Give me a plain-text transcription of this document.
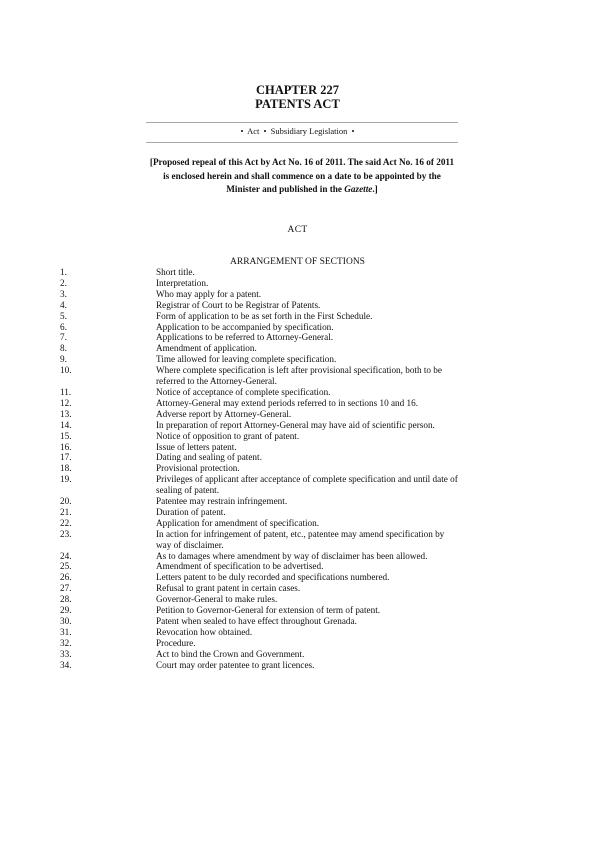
CHAPTER 227
PATENTS ACT
• Act • Subsidiary Legislation •
[Proposed repeal of this Act by Act No. 16 of 2011. The said Act No. 16 of 2011 is enclosed herein and shall commence on a date to be appointed by the Minister and published in the Gazette.]
ACT
ARRANGEMENT OF SECTIONS
1.	Short title.
2.	Interpretation.
3.	Who may apply for a patent.
4.	Registrar of Court to be Registrar of Patents.
5.	Form of application to be as set forth in the First Schedule.
6.	Application to be accompanied by specification.
7.	Applications to be referred to Attorney-General.
8.	Amendment of application.
9.	Time allowed for leaving complete specification.
10.	Where complete specification is left after provisional specification, both to be referred to the Attorney-General.
11.	Notice of acceptance of complete specification.
12.	Attorney-General may extend periods referred to in sections 10 and 16.
13.	Adverse report by Attorney-General.
14.	In preparation of report Attorney-General may have aid of scientific person.
15.	Notice of opposition to grant of patent.
16.	Issue of letters patent.
17.	Dating and sealing of patent.
18.	Provisional protection.
19.	Privileges of applicant after acceptance of complete specification and until date of sealing of patent.
20.	Patentee may restrain infringement.
21.	Duration of patent.
22.	Application for amendment of specification.
23.	In action for infringement of patent, etc., patentee may amend specification by way of disclaimer.
24.	As to damages where amendment by way of disclaimer has been allowed.
25.	Amendment of specification to be advertised.
26.	Letters patent to be duly recorded and specifications numbered.
27.	Refusal to grant patent in certain cases.
28.	Governor-General to make rules.
29.	Petition to Governor-General for extension of term of patent.
30.	Patent when sealed to have effect throughout Grenada.
31.	Revocation how obtained.
32.	Procedure.
33.	Act to bind the Crown and Government.
34.	Court may order patentee to grant licences.
